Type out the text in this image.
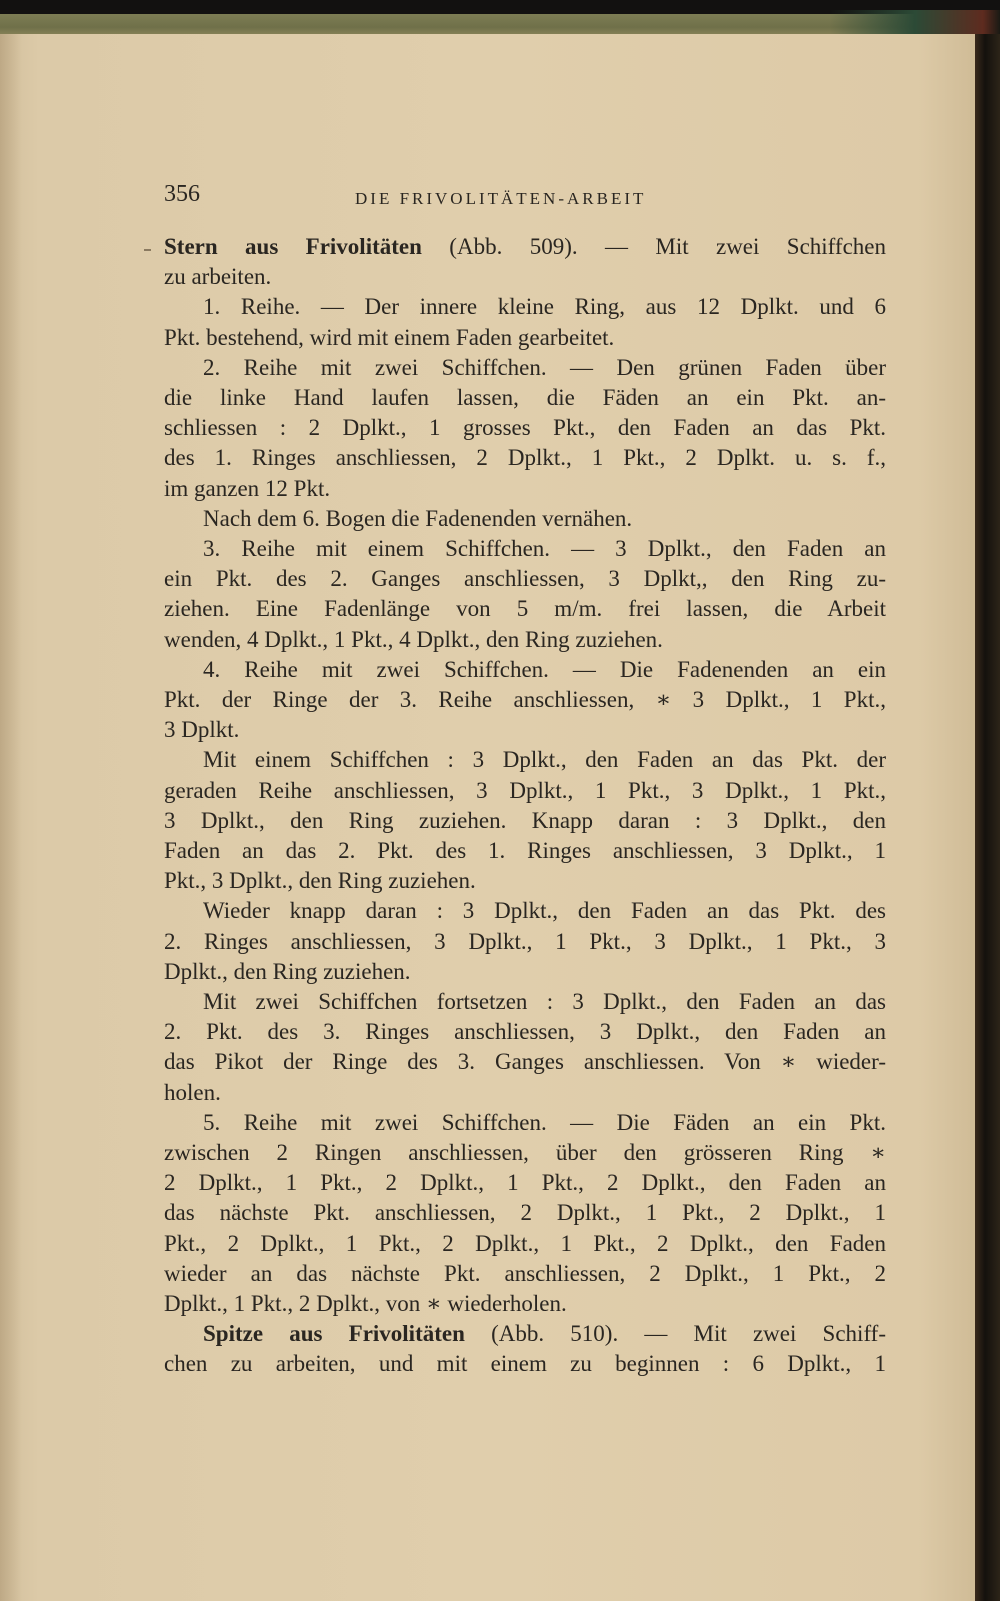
356	DIE FRIVOLITÄTEN-ARBEIT
Stern aus Frivolitäten (Abb. 509). — Mit zwei Schiffchen
zu arbeiten.
1. Reihe. — Der innere kleine Ring, aus 12 Dplkt. und 6
Pkt. bestehend, wird mit einem Faden gearbeitet.
2. Reihe mit zwei Schiffchen. — Den grünen Faden über
die linke Hand laufen lassen, die Fäden an ein Pkt. an-
schliessen : 2 Dplkt., 1 grosses Pkt., den Faden an das Pkt.
des 1. Ringes anschliessen, 2 Dplkt., 1 Pkt., 2 Dplkt. u. s. f.,
im ganzen 12 Pkt.
Nach dem 6. Bogen die Fadenenden vernähen.
3. Reihe mit einem Schiffchen. — 3 Dplkt., den Faden an
ein Pkt. des 2. Ganges anschliessen, 3 Dplkt,, den Ring zu-
ziehen. Eine Fadenlänge von 5 m/m. frei lassen, die Arbeit
wenden, 4 Dplkt., 1 Pkt., 4 Dplkt., den Ring zuziehen.
4. Reihe mit zwei Schiffchen. — Die Fadenenden an ein
Pkt. der Ringe der 3. Reihe anschliessen, ∗ 3 Dplkt., 1 Pkt.,
3 Dplkt.
Mit einem Schiffchen : 3 Dplkt., den Faden an das Pkt. der
geraden Reihe anschliessen, 3 Dplkt., 1 Pkt., 3 Dplkt., 1 Pkt.,
3 Dplkt., den Ring zuziehen. Knapp daran : 3 Dplkt., den
Faden an das 2. Pkt. des 1. Ringes anschliessen, 3 Dplkt., 1
Pkt., 3 Dplkt., den Ring zuziehen.
Wieder knapp daran : 3 Dplkt., den Faden an das Pkt. des
2. Ringes anschliessen, 3 Dplkt., 1 Pkt., 3 Dplkt., 1 Pkt., 3
Dplkt., den Ring zuziehen.
Mit zwei Schiffchen fortsetzen : 3 Dplkt., den Faden an das
2. Pkt. des 3. Ringes anschliessen, 3 Dplkt., den Faden an
das Pikot der Ringe des 3. Ganges anschliessen. Von ∗ wieder-
holen.
5. Reihe mit zwei Schiffchen. — Die Fäden an ein Pkt.
zwischen 2 Ringen anschliessen, über den grösseren Ring ∗
2 Dplkt., 1 Pkt., 2 Dplkt., 1 Pkt., 2 Dplkt., den Faden an
das nächste Pkt. anschliessen, 2 Dplkt., 1 Pkt., 2 Dplkt., 1
Pkt., 2 Dplkt., 1 Pkt., 2 Dplkt., 1 Pkt., 2 Dplkt., den Faden
wieder an das nächste Pkt. anschliessen, 2 Dplkt., 1 Pkt., 2
Dplkt., 1 Pkt., 2 Dplkt., von ∗ wiederholen.
Spitze aus Frivolitäten (Abb. 510). — Mit zwei Schiff-
chen zu arbeiten, und mit einem zu beginnen : 6 Dplkt., 1
